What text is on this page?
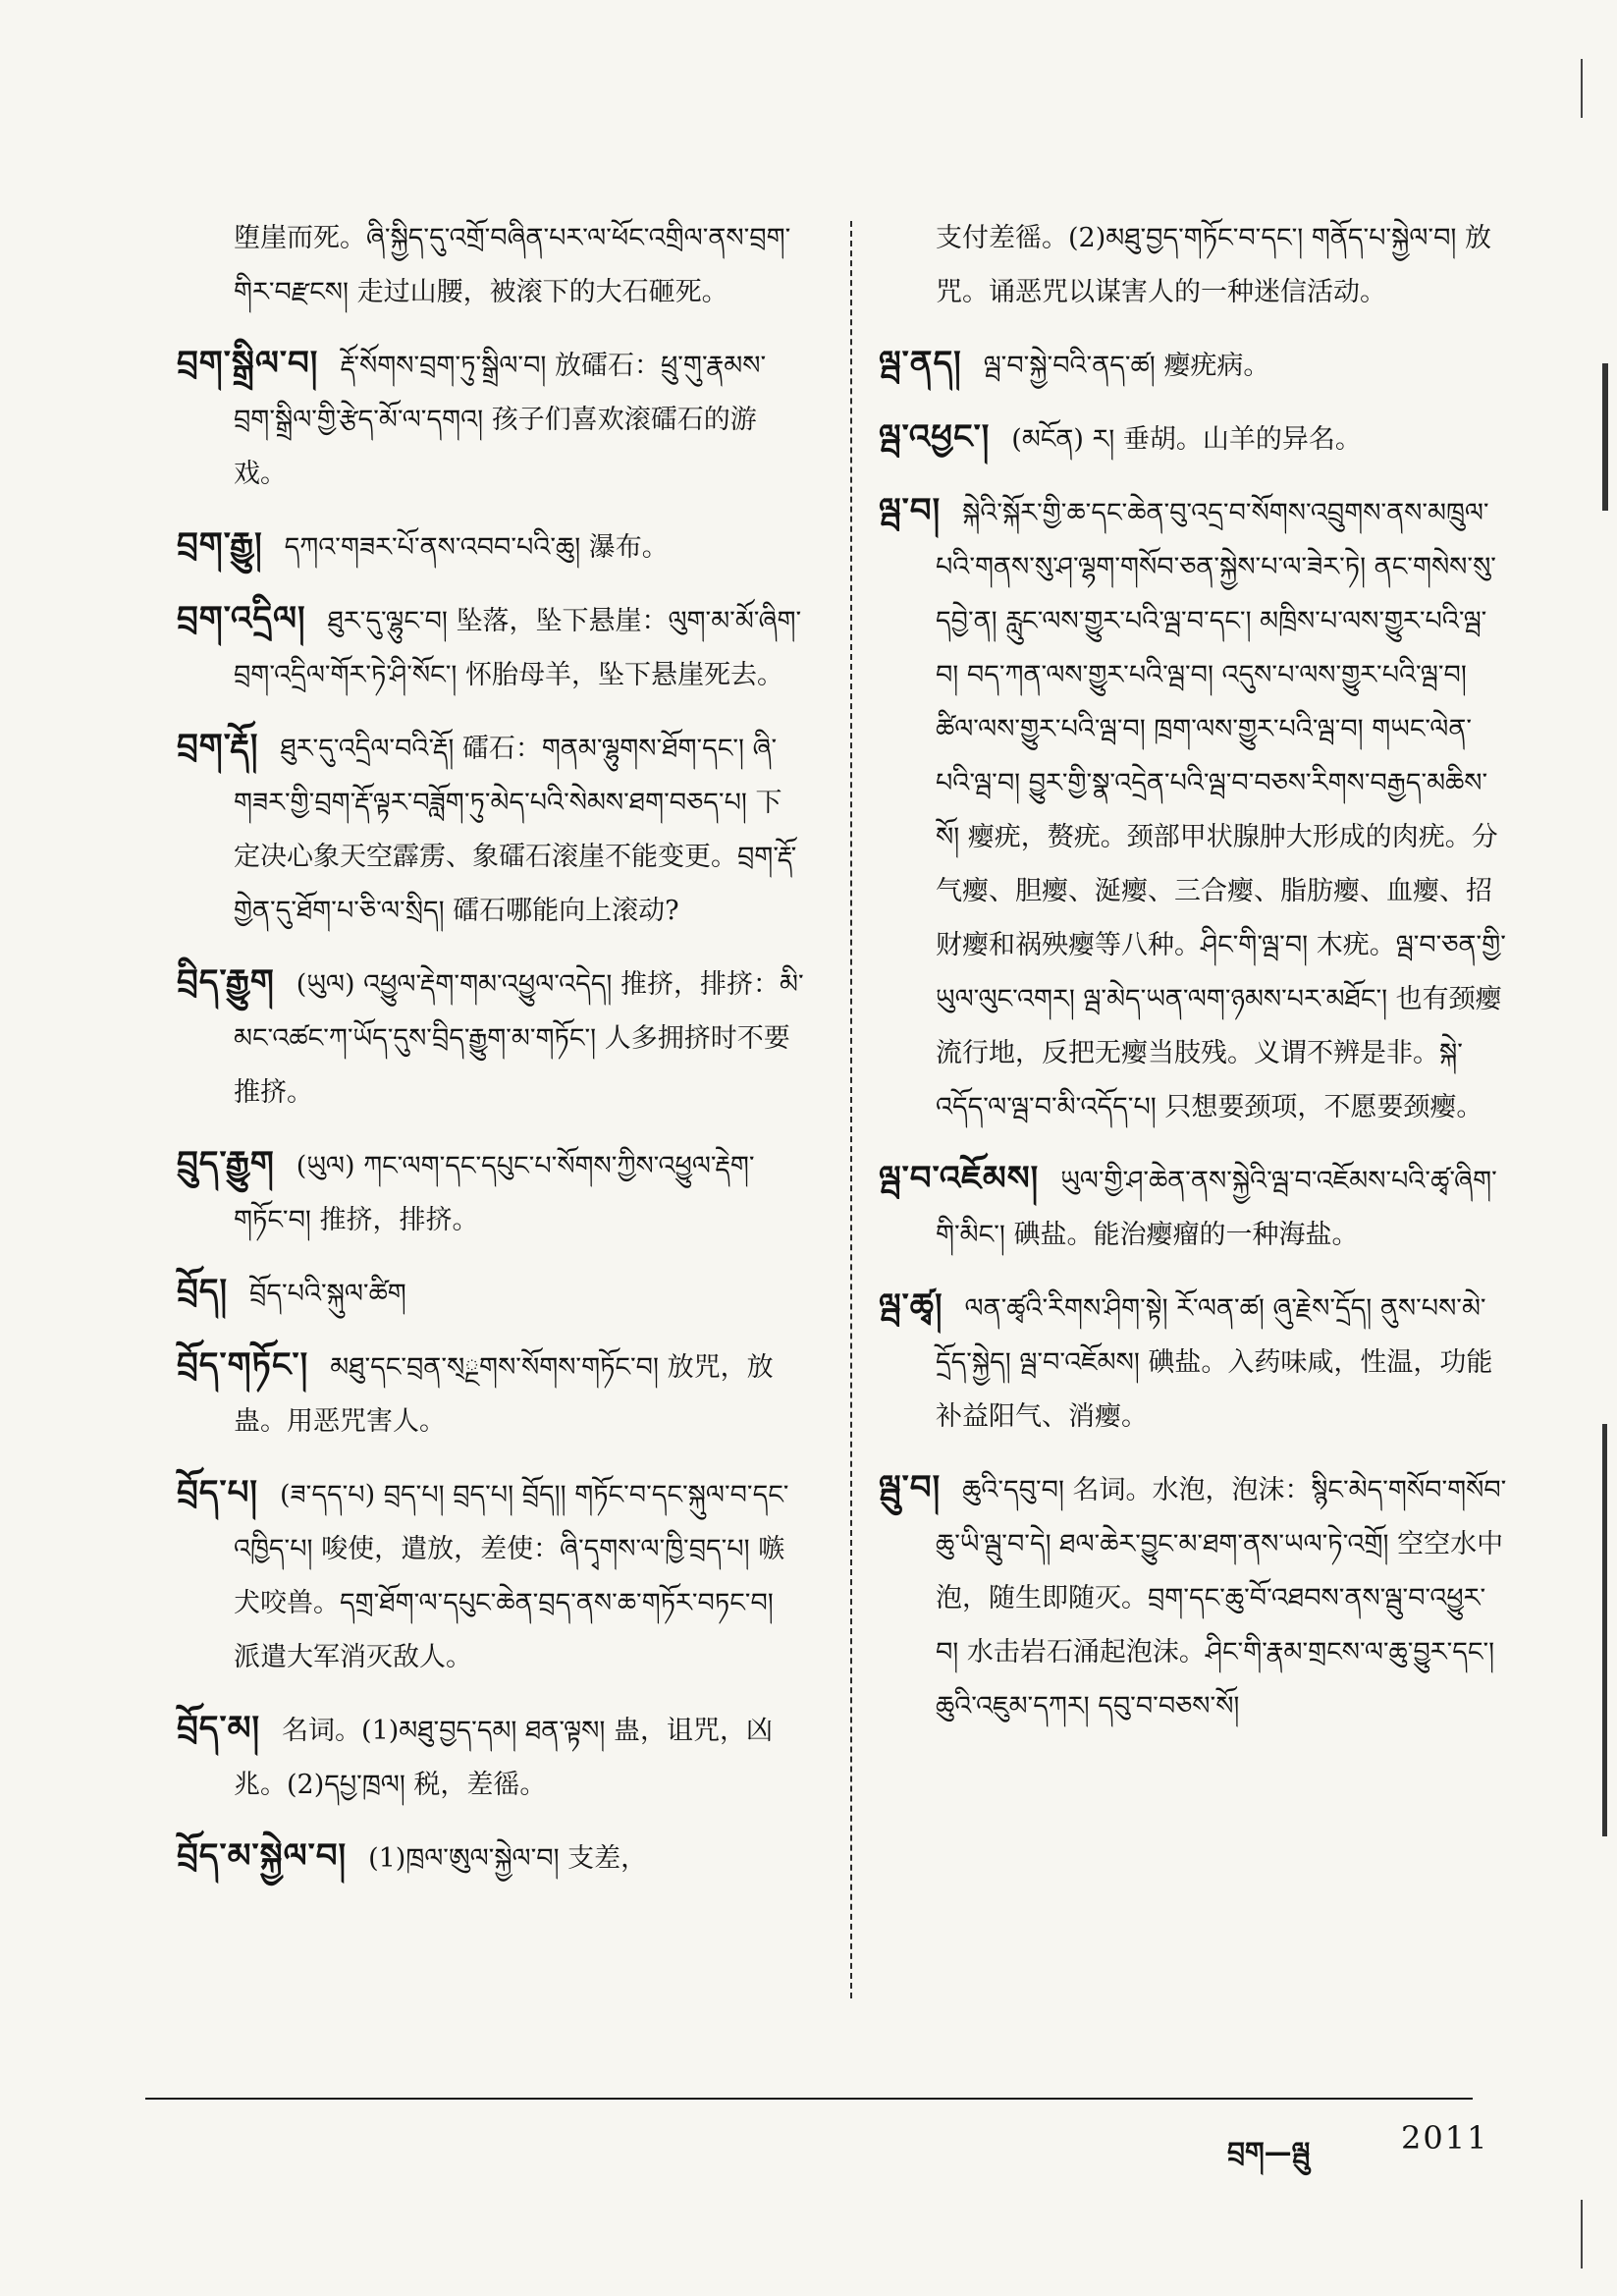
堕崖而死。ཞི་སྐྱིད་དུ་འགྲོ་བཞིན་པར་ལ་ཕོང་འགྲིལ་ནས་བྲག་གིར་བརྫངས། 走过山腰，被滚下的大石砸死。

བྲག་སྒྲིལ་བ། རྡོ་སོགས་བྲག་ཏུ་སྒྲིལ་བ། 放礌石：ཕྲུ་གུ་རྣམས་བྲག་སྒྲིལ་གྱི་རྩེད་མོ་ལ་དགའ། 孩子们喜欢滚礌石的游戏。

བྲག་རྒྱུ། དཀའ་གཟར་པོ་ནས་འབབ་པའི་ཆུ། 瀑布。

བྲག་འདྲིལ། ཐུར་དུ་ལྷུང་བ། 坠落，坠下悬崖：ལུག་མ་མོ་ཞིག་བྲག་འདྲིལ་གོར་ཏེ་ཤི་སོང་། 怀胎母羊，坠下悬崖死去。

བྲག་རྡོ། ཐུར་དུ་འདྲིལ་བའི་རྡོ། 礌石：གནམ་ལྷུགས་ཐོག་དང་། ཞི་གཟར་གྱི་བྲག་རྡོ་ལྟར་བཟློག་ཏུ་མེད་པའི་སེམས་ཐག་བཅད་པ། 下定决心象天空霹雳、象礌石滚崖不能变更。བྲག་རྡོ་གྱེན་དུ་ཐོག་པ་ཅི་ལ་སྲིད། 礌石哪能向上滚动?

བྲིད་རྒྱུག (ཡུལ) འཕྱུལ་རྡེག་གམ་འཕྱུལ་འདེད། 推挤，排挤：མི་མང་འཚང་ཀ་ཡོད་དུས་བྲིད་རྒྱུག་མ་གཏོང་། 人多拥挤时不要推挤。

བྲུད་རྒྱུག (ཡུལ) ཀང་ལག་དང་དཔུང་པ་སོགས་ཀྱིས་འཕྱུལ་རྡེག་གཏོང་བ། 推挤，排挤。

བྲོད། བྲོད་པའི་སྐུལ་ཚིག

བྲོད་གཏོང་། མཐུ་དང་བྲན་ས྄ྔགས་སོགས་གཏོང་བ། 放咒，放蛊。用恶咒害人。

བྲོད་པ། (ཟ་དད་པ) བྲད་པ། བྲད་པ། བྲོད།། གཏོང་བ་དང་སྐུལ་བ་དང་འཁྱིད་པ། 唆使，遣放，差使：ཞི་དྭགས་ལ་ཁྱི་བྲད་པ། 嗾犬咬兽。དགྲ་ཐོག་ལ་དཔུང་ཆེན་བྲད་ནས་ཆ་གཏོར་བཏང་བ། 派遣大军消灭敌人。

བྲོད་མ། 名词。(1)མཐུ་བྱད་དམ། ཐན་ལྟས། 蛊，诅咒，凶兆。(2)དཔྱ་ཁྲལ། 税，差徭。

བྲོད་མ་སྐྱེལ་བ། (1)ཁྲལ་ཨུལ་སྐྱེལ་བ། 支差，

支付差徭。(2)མཐུ་བྱད་གཏོང་བ་དང་། གནོད་པ་སྐྱེལ་བ། 放咒。诵恶咒以谋害人的一种迷信活动。

ལྦ་ནད། ལྦ་བ་སྐྱེ་བའི་ནད་ཚ། 瘿疣病。

ལྦ་འཕྱང་། (མངོན) ར། 垂胡。山羊的异名。

ལྦ་བ། སྐེའི་སྐོར་གྱི་ཆ་དང་ཆེན་བུ་འདྲ་བ་སོགས་འབྲུགས་ནས་མཁྲུལ་པའི་གནས་སུ་ཤ་ལྷག་གསོབ་ཅན་སྐྱེས་པ་ལ་ཟེར་ཏེ། ནང་གསེས་སུ་དབྱེ་ན། རླུང་ལས་གྱུར་པའི་ལྦ་བ་དང་། མཁྲིས་པ་ལས་གྱུར་པའི་ལྦ་བ། བད་ཀན་ལས་གྱུར་པའི་ལྦ་བ། འདུས་པ་ལས་གྱུར་པའི་ལྦ་བ། ཚིལ་ལས་གྱུར་པའི་ལྦ་བ། ཁྲག་ལས་གྱུར་པའི་ལྦ་བ། གཡང་ལེན་པའི་ལྦ་བ། བྱུར་གྱི་སྣ་འདྲེན་པའི་ལྦ་བ་བཅས་རིགས་བརྒྱད་མཆིས་སོ། 瘿疣，赘疣。颈部甲状腺肿大形成的肉疣。分气瘿、胆瘿、涎瘿、三合瘿、脂肪瘿、血瘿、招财瘿和祸殃瘿等八种。ཤིང་གི་ལྦ་བ། 木疣。ལྦ་བ་ཅན་གྱི་ཡུལ་ལུང་འགར། ལྦ་མེད་ཡན་ལག་ཉམས་པར་མཐོང་། 也有颈瘿流行地，反把无瘿当肢残。义谓不辨是非。སྐེ་འདོད་ལ་ལྦ་བ་མི་འདོད་པ། 只想要颈项，不愿要颈瘿。

ལྦ་བ་འཇོམས། ཡུལ་གྱི་ཤ་ཆེན་ནས་སྐྱེའི་ལྦ་བ་འཇོམས་པའི་ཚྭ་ཞིག་གི་མིང་། 碘盐。能治瘿瘤的一种海盐。

ལྦ་ཚྭ། ལན་ཚྭའི་རིགས་ཤིག་སྟེ། རོ་ལན་ཚ། ཞུ་རྗེས་དྲོད། ནུས་པས་མེ་དྲོད་སྐྱེད། ལྦ་བ་འཇོམས། 碘盐。入药味咸，性温，功能补益阳气、消瘿。

ལྦུ་བ། ཆུའི་དབུ་བ། 名词。水泡，泡沫：སྙིང་མེད་གསོབ་གསོབ་ཆུ་ཡི་ལྦུ་བ་དེ། ཐལ་ཆེར་བྱུང་མ་ཐག་ནས་ཡལ་ཏེ་འགྲོ། 空空水中泡，随生即随灭。བྲག་དང་ཆུ་བོ་འཐབས་ནས་ལྦུ་བ་འཕྱུར་བ། 水击岩石涌起泡沫。ཤིང་གི་རྣམ་གྲངས་ལ་ཆུ་བྱུར་དང་། ཆུའི་འཇུམ་དཀར། དབུ་བ་བཅས་སོ།

བྲག—ལྦུ	2011
